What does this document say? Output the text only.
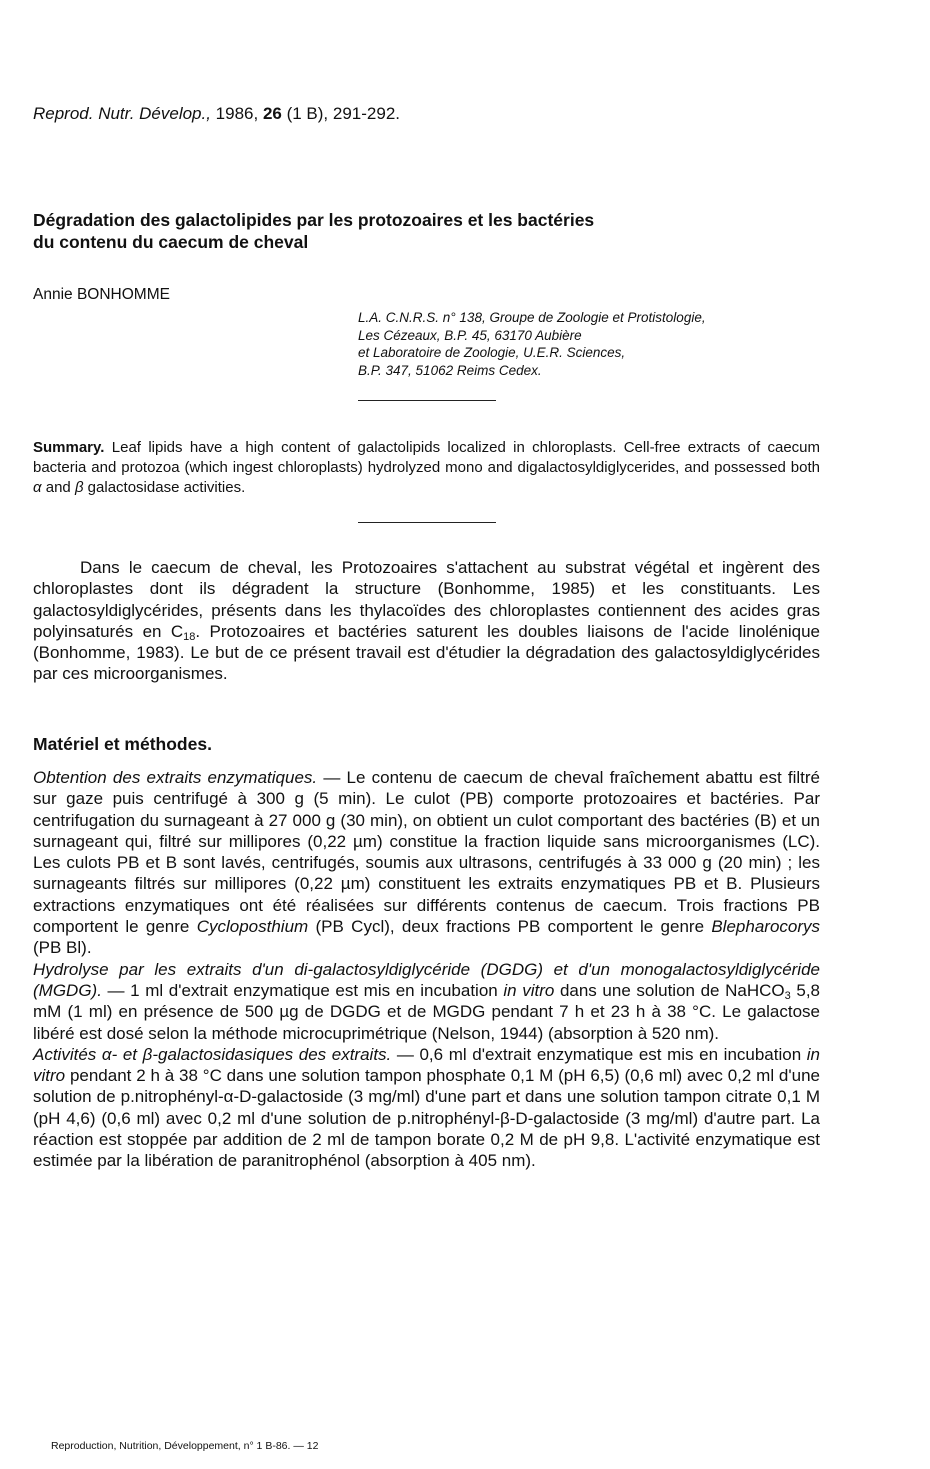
Reprod. Nutr. Dévelop., 1986, 26 (1 B), 291-292.
Dégradation des galactolipides par les protozoaires et les bactéries
du contenu du caecum de cheval
Annie BONHOMME
L.A. C.N.R.S. n° 138, Groupe de Zoologie et Protistologie,
Les Cézeaux, B.P. 45, 63170 Aubière
et Laboratoire de Zoologie, U.E.R. Sciences,
B.P. 347, 51062 Reims Cedex.
Summary. Leaf lipids have a high content of galactolipids localized in chloroplasts. Cell-free extracts of caecum bacteria and protozoa (which ingest chloroplasts) hydrolyzed mono and digalactosyldiglycerides, and possessed both α and β galactosidase activities.

Dans le caecum de cheval, les Protozoaires s'attachent au substrat végétal et ingèrent des chloroplastes dont ils dégradent la structure (Bonhomme, 1985) et les constituants. Les galactosyldiglycérides, présents dans les thylacoïdes des chloroplastes contiennent des acides gras polyinsaturés en $C_{18}$. Protozoaires et bactéries saturent les doubles liaisons de l'acide linolénique (Bonhomme, 1983). Le but de ce présent travail est d'étudier la dégradation des galactosyldiglycérides par ces microorganismes.

Matériel et méthodes.

Obtention des extraits enzymatiques. — Le contenu de caecum de cheval fraîchement abattu est filtré sur gaze puis centrifugé à 300 g (5 min). Le culot (PB) comporte protozoaires et bactéries. Par centrifugation du surnageant à 27 000 g (30 min), on obtient un culot comportant des bactéries (B) et un surnageant qui, filtré sur millipores (0,22 µm) constitue la fraction liquide sans microorganismes (LC). Les culots PB et B sont lavés, centrifugés, soumis aux ultrasons, centrifugés à 33 000 g (20 min) ; les surnageants filtrés sur millipores (0,22 µm) constituent les extraits enzymatiques PB et B. Plusieurs extractions enzymatiques ont été réalisées sur différents contenus de caecum. Trois fractions PB comportent le genre Cycloposthium (PB Cycl), deux fractions PB comportent le genre Blepharocorys (PB Bl).

Hydrolyse par les extraits d'un di-galactosyldiglycéride (DGDG) et d'un monogalactosyldiglycéride (MGDG). — 1 ml d'extrait enzymatique est mis en incubation in vitro dans une solution de NaHCO$_3$ 5,8 mM (1 ml) en présence de 500 µg de DGDG et de MGDG pendant 7 h et 23 h à 38 °C. Le galactose libéré est dosé selon la méthode microcuprimétrique (Nelson, 1944) (absorption à 520 nm).

Activités α- et β-galactosidasiques des extraits. — 0,6 ml d'extrait enzymatique est mis en incubation in vitro pendant 2 h à 38 °C dans une solution tampon phosphate 0,1 M (pH 6,5) (0,6 ml) avec 0,2 ml d'une solution de p.nitrophényl-α-D-galactoside (3 mg/ml) d'une part et dans une solution tampon citrate 0,1 M (pH 4,6) (0,6 ml) avec 0,2 ml d'une solution de p.nitrophényl-β-D-galactoside (3 mg/ml) d'autre part. La réaction est stoppée par addition de 2 ml de tampon borate 0,2 M de pH 9,8. L'activité enzymatique est estimée par la libération de paranitrophénol (absorption à 405 nm).

Reproduction, Nutrition, Développement, n° 1 B-86. — 12
